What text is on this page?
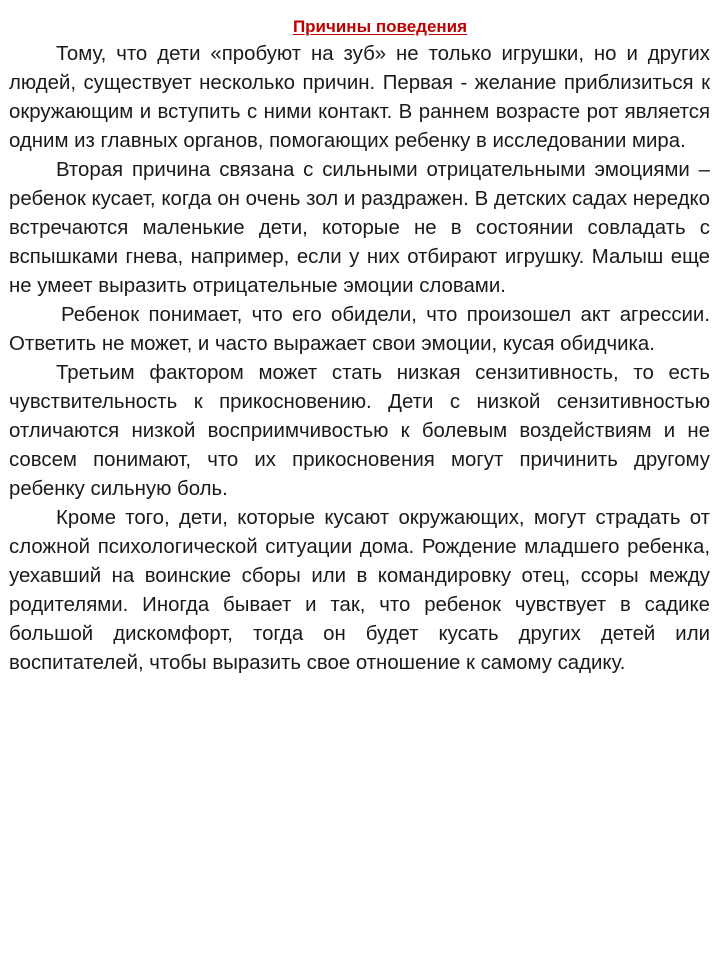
Причины поведения

Тому, что дети «пробуют на зуб» не только игрушки, но и других людей, существует несколько причин. Первая - желание приблизиться к окружающим и вступить с ними контакт. В раннем возрасте рот является одним из главных органов, помогающих ребенку в исследовании мира.

Вторая причина связана с сильными отрицательными эмоциями – ребенок кусает, когда он очень зол и раздражен. В детских садах нередко встречаются маленькие дети, которые не в состоянии совладать с вспышками гнева, например, если у них отбирают игрушку. Малыш еще не умеет выразить отрицательные эмоции словами.

Ребенок понимает, что его обидели, что произошел акт агрессии. Ответить не может, и часто выражает свои эмоции, кусая обидчика.

Третьим фактором может стать низкая сензитивность, то есть чувствительность к прикосновению. Дети с низкой сензитивностью отличаются низкой восприимчивостью к болевым воздействиям и не совсем понимают, что их прикосновения могут причинить другому ребенку сильную боль.

Кроме того, дети, которые кусают окружающих, могут страдать от сложной психологической ситуации дома. Рождение младшего ребенка, уехавший на воинские сборы или в командировку отец, ссоры между родителями. Иногда бывает и так, что ребенок чувствует в садике большой дискомфорт, тогда он будет кусать других детей или воспитателей, чтобы выразить свое отношение к самому садику.
